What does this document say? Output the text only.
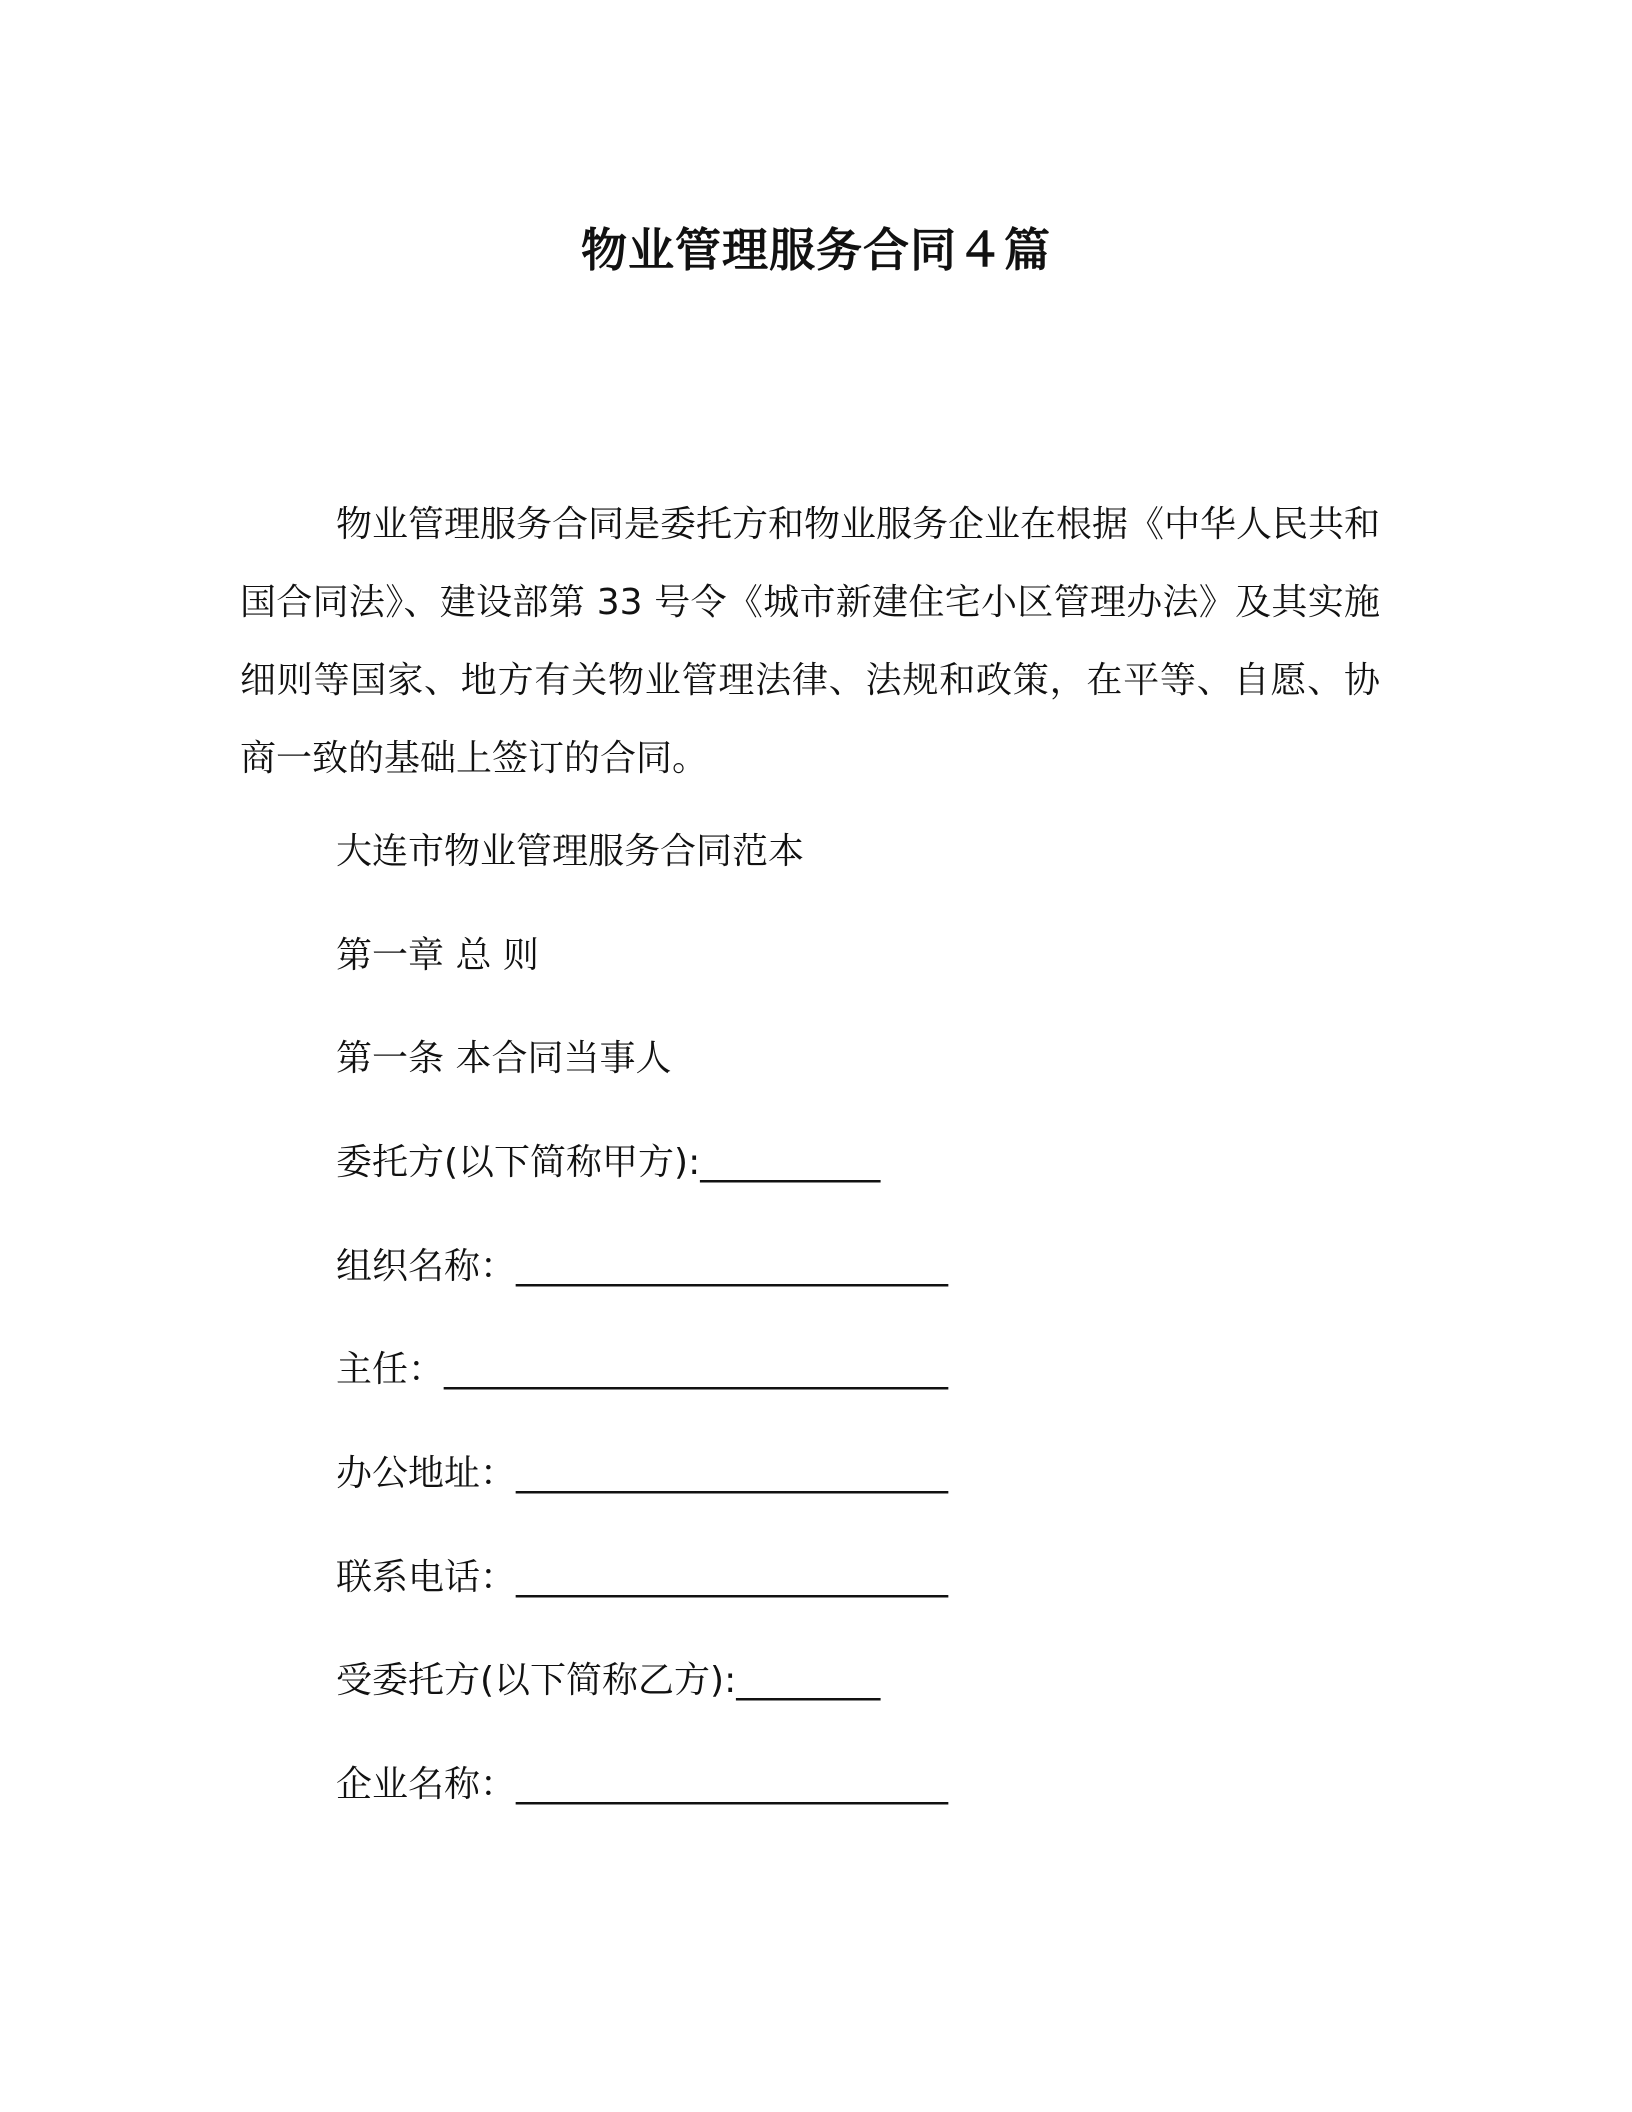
物业管理服务合同４篇

物业管理服务合同是委托方和物业服务企业在根据《中华人民共和国合同法》、建设部第 33 号令《城市新建住宅小区管理办法》及其实施细则等国家、地方有关物业管理法律、法规和政策，在平等、自愿、协商一致的基础上签订的合同。

大连市物业管理服务合同范本

第一章 总 则

第一条 本合同当事人

委托方(以下简称甲方):__________

组织名称：________________________

主任：____________________________

办公地址：________________________

联系电话：________________________

受委托方(以下简称乙方):________

企业名称：________________________
